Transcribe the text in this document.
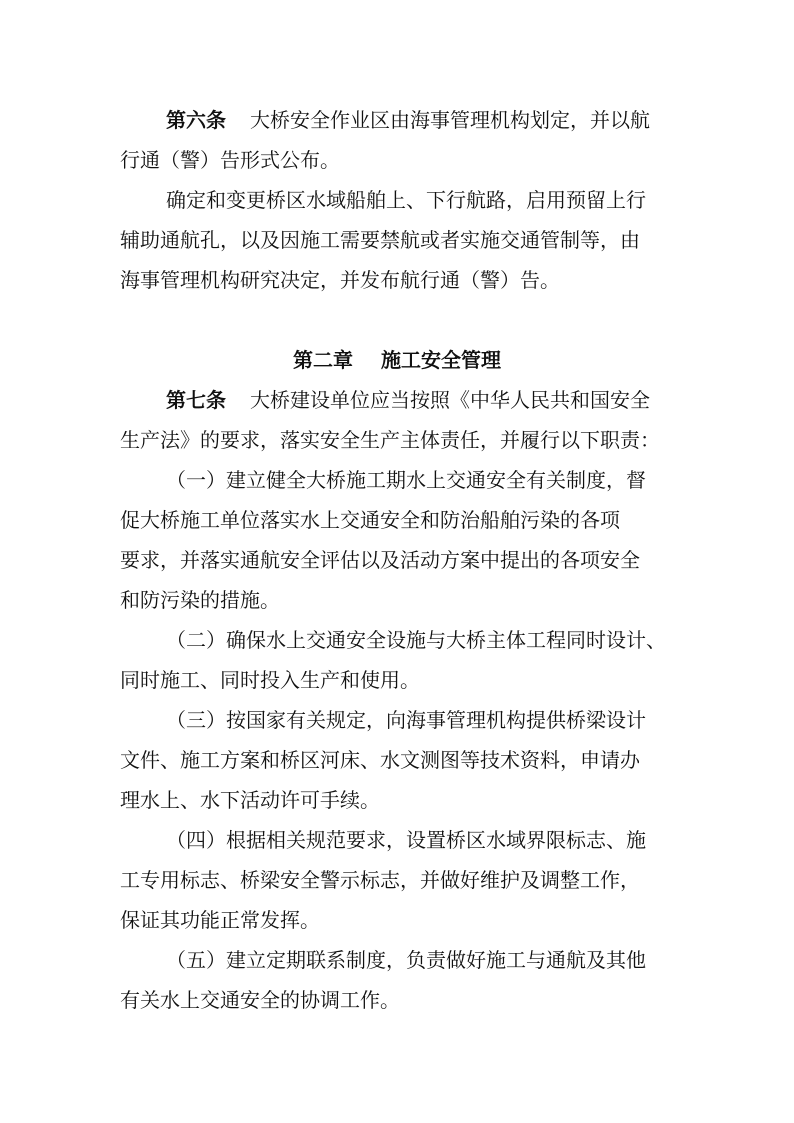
第六条 大桥安全作业区由海事管理机构划定，并以航
行通（警）告形式公布。
确定和变更桥区水域船舶上、下行航路，启用预留上行
辅助通航孔，以及因施工需要禁航或者实施交通管制等，由
海事管理机构研究决定，并发布航行通（警）告。
第二章 施工安全管理
第七条 大桥建设单位应当按照《中华人民共和国安全
生产法》的要求，落实安全生产主体责任，并履行以下职责：
（一）建立健全大桥施工期水上交通安全有关制度，督
促大桥施工单位落实水上交通安全和防治船舶污染的各项
要求，并落实通航安全评估以及活动方案中提出的各项安全
和防污染的措施。
（二）确保水上交通安全设施与大桥主体工程同时设计、
同时施工、同时投入生产和使用。
（三）按国家有关规定，向海事管理机构提供桥梁设计
文件、施工方案和桥区河床、水文测图等技术资料，申请办
理水上、水下活动许可手续。
（四）根据相关规范要求，设置桥区水域界限标志、施
工专用标志、桥梁安全警示标志，并做好维护及调整工作，
保证其功能正常发挥。
（五）建立定期联系制度，负责做好施工与通航及其他
有关水上交通安全的协调工作。
